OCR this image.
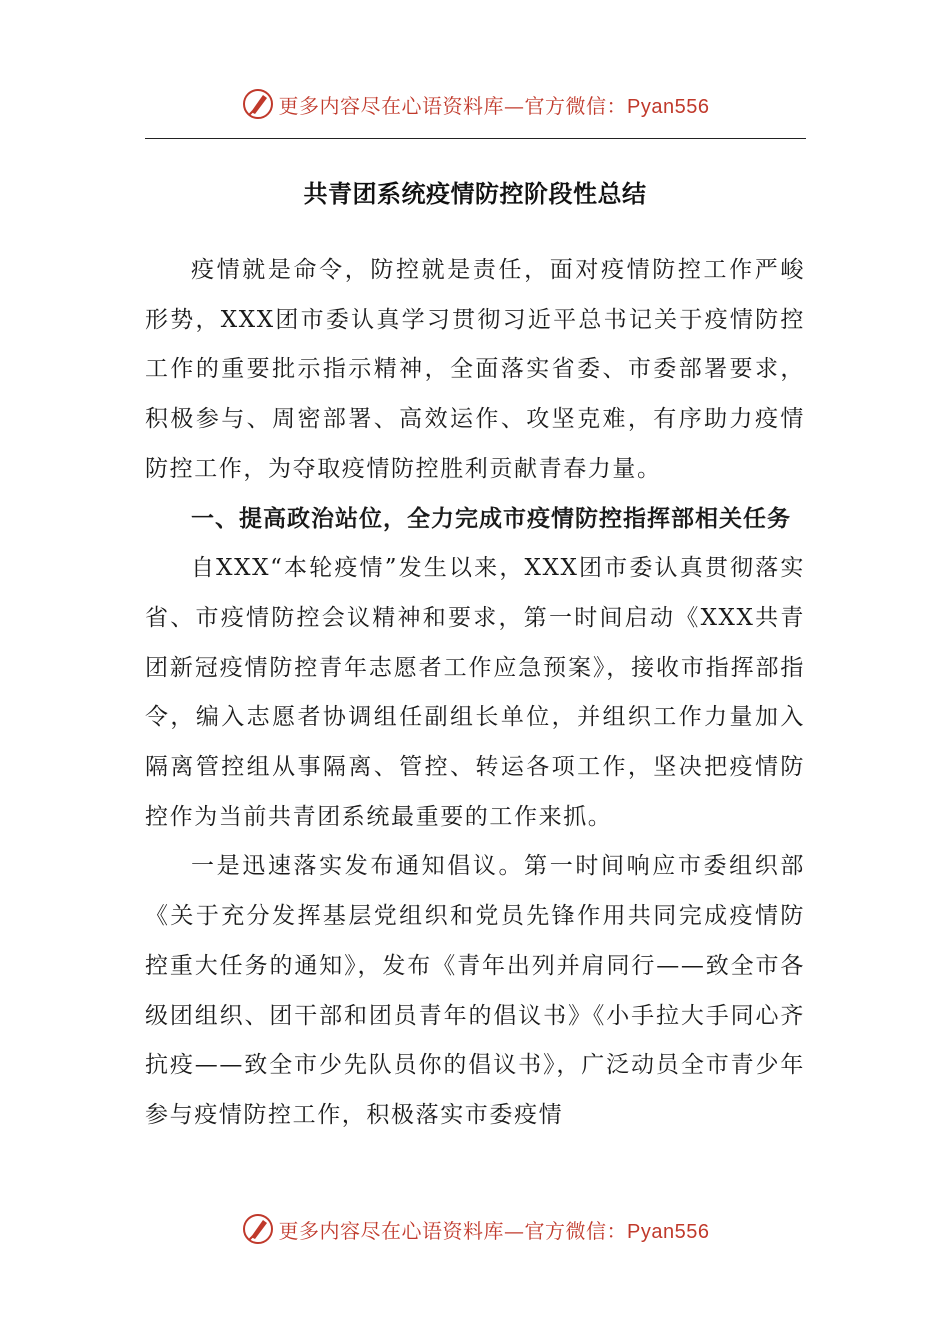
更多内容尽在心语资料库—官方微信：Pyan556
共青团系统疫情防控阶段性总结

疫情就是命令，防控就是责任，面对疫情防控工作严峻形势，XXX团市委认真学习贯彻习近平总书记关于疫情防控工作的重要批示指示精神，全面落实省委、市委部署要求，积极参与、周密部署、高效运作、攻坚克难，有序助力疫情防控工作，为夺取疫情防控胜利贡献青春力量。

一、提高政治站位，全力完成市疫情防控指挥部相关任务

自XXX“本轮疫情”发生以来，XXX团市委认真贯彻落实省、市疫情防控会议精神和要求，第一时间启动《XXX共青团新冠疫情防控青年志愿者工作应急预案》，接收市指挥部指令，编入志愿者协调组任副组长单位，并组织工作力量加入隔离管控组从事隔离、管控、转运各项工作，坚决把疫情防控作为当前共青团系统最重要的工作来抓。

一是迅速落实发布通知倡议。第一时间响应市委组织部《关于充分发挥基层党组织和党员先锋作用共同完成疫情防控重大任务的通知》，发布《青年出列并肩同行——致全市各级团组织、团干部和团员青年的倡议书》《小手拉大手同心齐抗疫——致全市少先队员你的倡议书》，广泛动员全市青少年参与疫情防控工作，积极落实市委疫情

更多内容尽在心语资料库—官方微信：Pyan556
